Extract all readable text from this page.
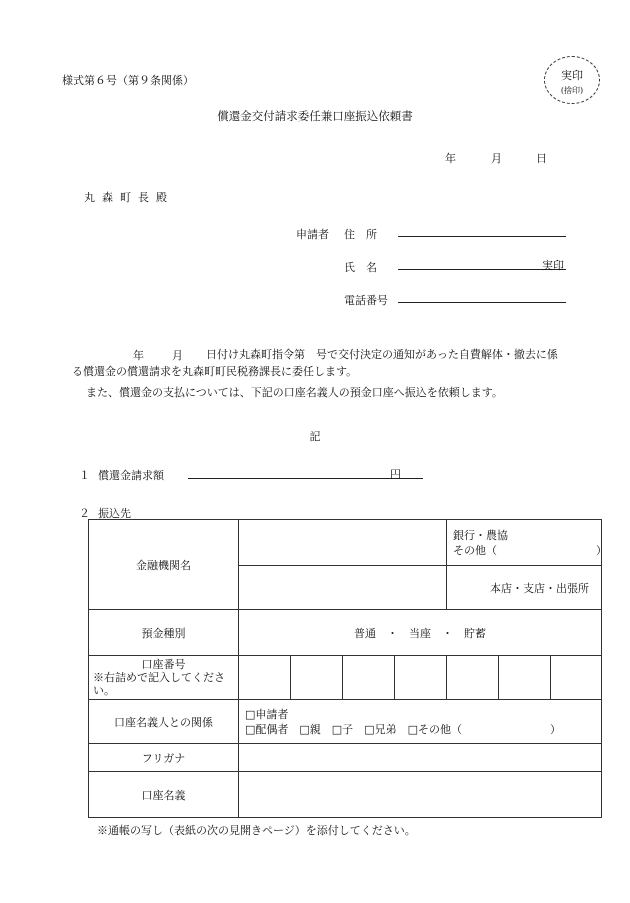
様式第６号（第９条関係）	実印
(捨印)
償還金交付請求委任兼口座振込依頼書
年	月	日
丸森町長殿
申請者 住　所
氏　名	実印
電話番号
年	月	日付け丸森町指令第　号で交付決定の通知があった自費解体・撤去に係る償還金の償還請求を丸森町町民税務課長に委任します。
また、償還金の支払については、下記の口座名義人の預金口座へ振込を依頼します。
記
１ 償還金請求額	円
２ 振込先
金融機関名					銀行・農協
その他（　　　　　　　　　）		

					本店・支店・出張所		
預金種別	普通　・　当座　・　貯蓄						

口座番号
※右詰めで記入してください。							

口座名義人との関係	□申請者
□配偶者　□親　□子　□兄弟　□その他（　　　　　　　　）						

フリガナ							
口座名義							
※通帳の写し（表紙の次の見開きページ）を添付してください。
